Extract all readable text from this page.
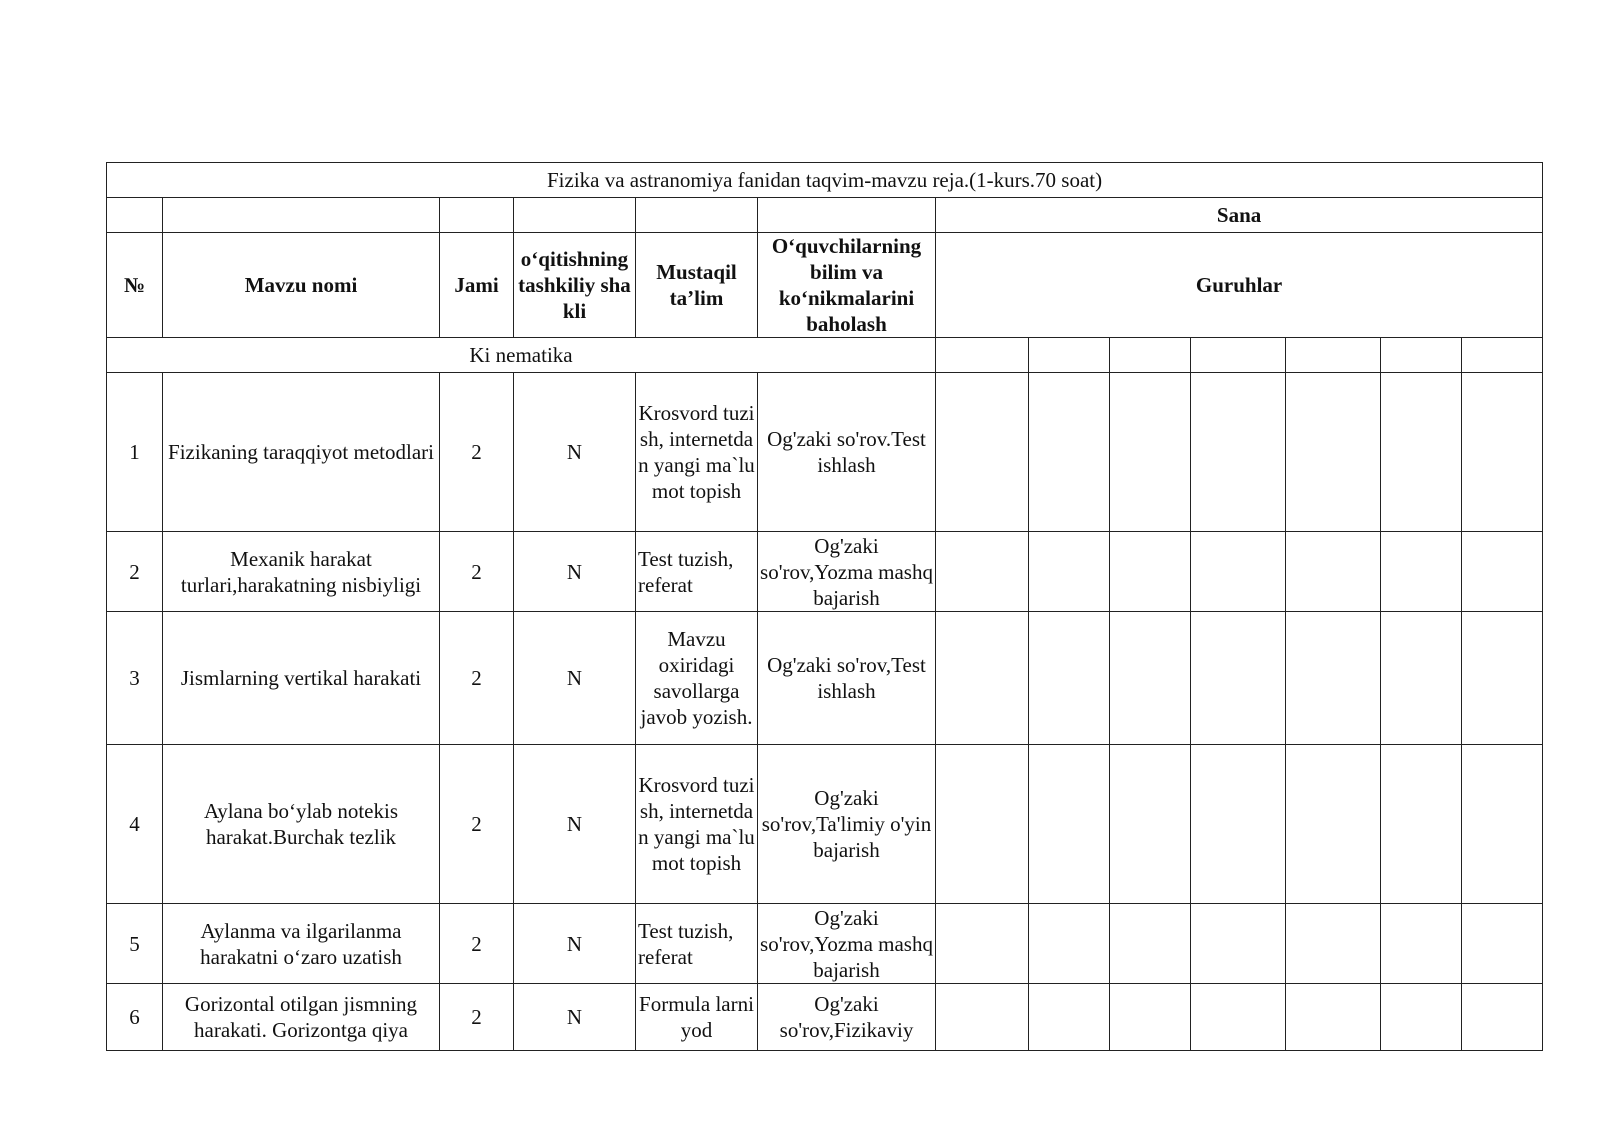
Fizika va astranomiya fanidan taqvim-mavzu reja.(1-kurs.70 soat)												
						Sana						
№	Mavzu nomi	Jami	oʻqitishning tashkiliy shakli	Mustaqil ta’lim	Oʻquvchilarning bilim va koʻnikmalarini baholash	Guruhlar						
Ki nematika												
1	Fizikaning taraqqiyot metodlari	2	N	Krosvord tuzish, internetdan yangi ma`lumot topish	Og'zaki so'rov.Test ishlash							
2	Mexanik harakat turlari,harakatning nisbiyligi	2	N	Test tuzish, referat	Og'zaki so'rov,Yozma mashq bajarish							
3	Jismlarning vertikal harakati	2	N	Mavzu oxiridagi savollarga javob yozish.	Og'zaki so'rov,Test ishlash							
4	Aylana boʻylab notekis harakat.Burchak tezlik	2	N	Krosvord tuzish, internetdan yangi ma`lumot topish	Og'zaki so'rov,Ta'limiy o'yin bajarish							
5	Aylanma va ilgarilanma harakatni oʻzaro uzatish	2	N	Test tuzish, referat	Og'zaki so'rov,Yozma mashq bajarish							
6	Gorizontal otilgan jismning harakati. Gorizontga qiya	2	N	Formula larni yod	Og'zaki so'rov,Fizikaviy							
